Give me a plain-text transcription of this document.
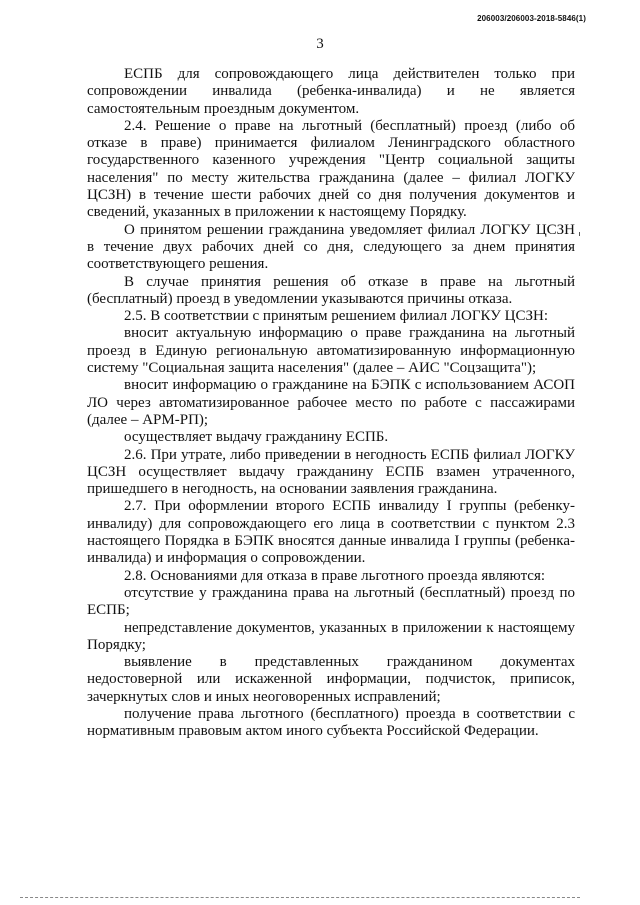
206003/206003-2018-5846(1)
3

ЕСПБ для сопровождающего лица действителен только при сопровождении инвалида (ребенка-инвалида) и не является самостоятельным проездным документом.

2.4. Решение о праве на льготный (бесплатный) проезд (либо об отказе в праве) принимается филиалом Ленинградского областного государственного казенного учреждения "Центр социальной защиты населения" по месту жительства гражданина (далее – филиал ЛОГКУ ЦСЗН) в течение шести рабочих дней со дня получения документов и сведений, указанных в приложении к настоящему Порядку.

О принятом решении гражданина уведомляет филиал ЛОГКУ ЦСЗН в течение двух рабочих дней со дня, следующего за днем принятия соответствующего решения.

В случае принятия решения об отказе в праве на льготный (бесплатный) проезд в уведомлении указываются причины отказа.

2.5. В соответствии с принятым решением филиал ЛОГКУ ЦСЗН:

вносит актуальную информацию о праве гражданина на льготный проезд в Единую региональную автоматизированную информационную систему "Социальная защита населения" (далее – АИС "Соцзащита");

вносит информацию о гражданине на БЭПК с использованием АСОП ЛО через автоматизированное рабочее место по работе с пассажирами (далее – АРМ-РП);

осуществляет выдачу гражданину ЕСПБ.

2.6. При утрате, либо приведении в негодность ЕСПБ филиал ЛОГКУ ЦСЗН осуществляет выдачу гражданину ЕСПБ взамен утраченного, пришедшего в негодность, на основании заявления гражданина.

2.7. При оформлении второго ЕСПБ инвалиду I группы (ребенку-инвалиду) для сопровождающего его лица в соответствии с пунктом 2.3 настоящего Порядка в БЭПК вносятся данные инвалида I группы (ребенка-инвалида) и информация о сопровождении.

2.8. Основаниями для отказа в праве льготного проезда являются:

отсутствие у гражданина права на льготный (бесплатный) проезд по ЕСПБ;

непредставление документов, указанных в приложении к настоящему Порядку;

выявление в представленных гражданином документах недостоверной или искаженной информации, подчисток, приписок, зачеркнутых слов и иных неоговоренных исправлений;

получение права льготного (бесплатного) проезда в соответствии с нормативным правовым актом иного субъекта Российской Федерации.
